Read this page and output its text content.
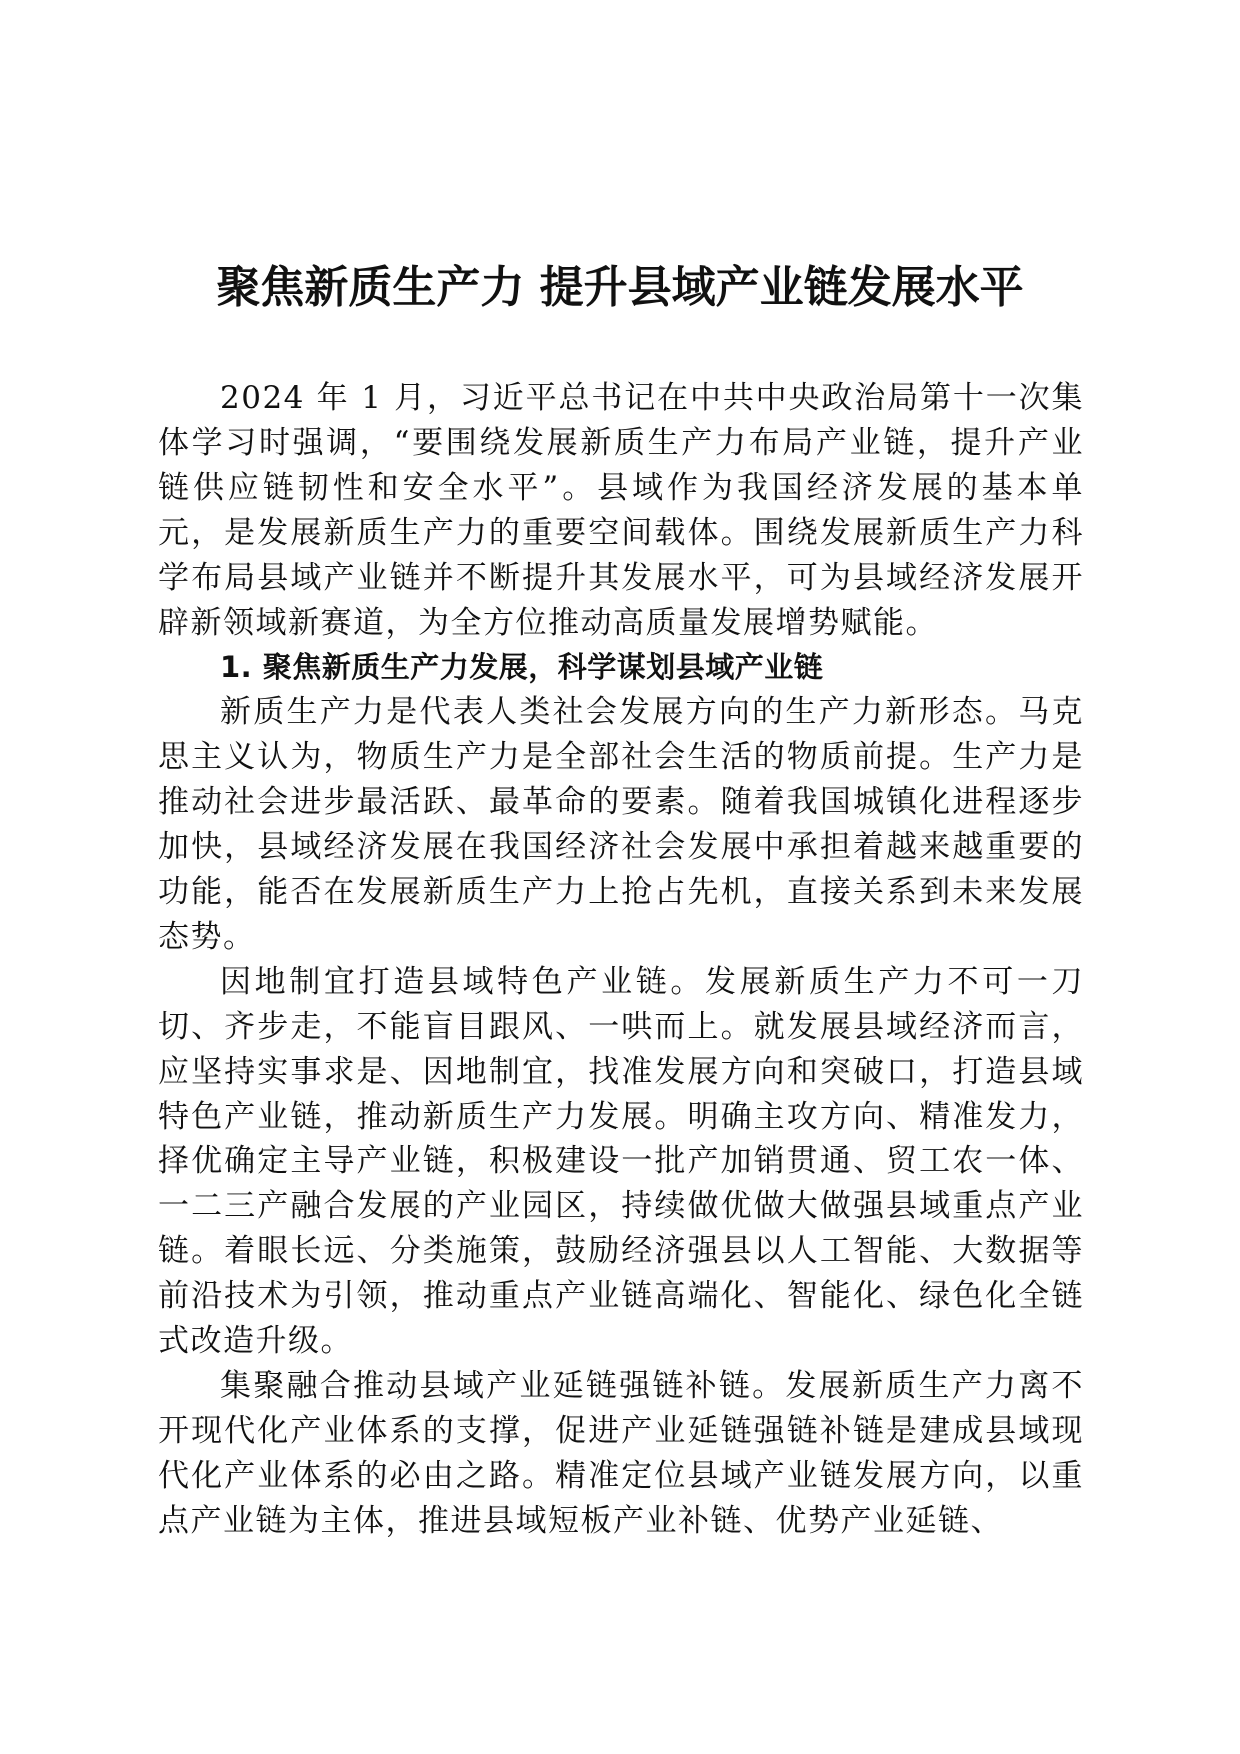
聚焦新质生产力 提升县域产业链发展水平

2024 年 1 月，习近平总书记在中共中央政治局第十一次集体学习时强调，“要围绕发展新质生产力布局产业链，提升产业链供应链韧性和安全水平”。县域作为我国经济发展的基本单元，是发展新质生产力的重要空间载体。围绕发展新质生产力科学布局县域产业链并不断提升其发展水平，可为县域经济发展开辟新领域新赛道，为全方位推动高质量发展增势赋能。

1. 聚焦新质生产力发展，科学谋划县域产业链

新质生产力是代表人类社会发展方向的生产力新形态。马克思主义认为，物质生产力是全部社会生活的物质前提。生产力是推动社会进步最活跃、最革命的要素。随着我国城镇化进程逐步加快，县域经济发展在我国经济社会发展中承担着越来越重要的功能，能否在发展新质生产力上抢占先机，直接关系到未来发展态势。

因地制宜打造县域特色产业链。发展新质生产力不可一刀切、齐步走，不能盲目跟风、一哄而上。就发展县域经济而言，应坚持实事求是、因地制宜，找准发展方向和突破口，打造县域特色产业链，推动新质生产力发展。明确主攻方向、精准发力，择优确定主导产业链，积极建设一批产加销贯通、贸工农一体、一二三产融合发展的产业园区，持续做优做大做强县域重点产业链。着眼长远、分类施策，鼓励经济强县以人工智能、大数据等前沿技术为引领，推动重点产业链高端化、智能化、绿色化全链式改造升级。

集聚融合推动县域产业延链强链补链。发展新质生产力离不开现代化产业体系的支撑，促进产业延链强链补链是建成县域现代化产业体系的必由之路。精准定位县域产业链发展方向，以重点产业链为主体，推进县域短板产业补链、优势产业延链、
